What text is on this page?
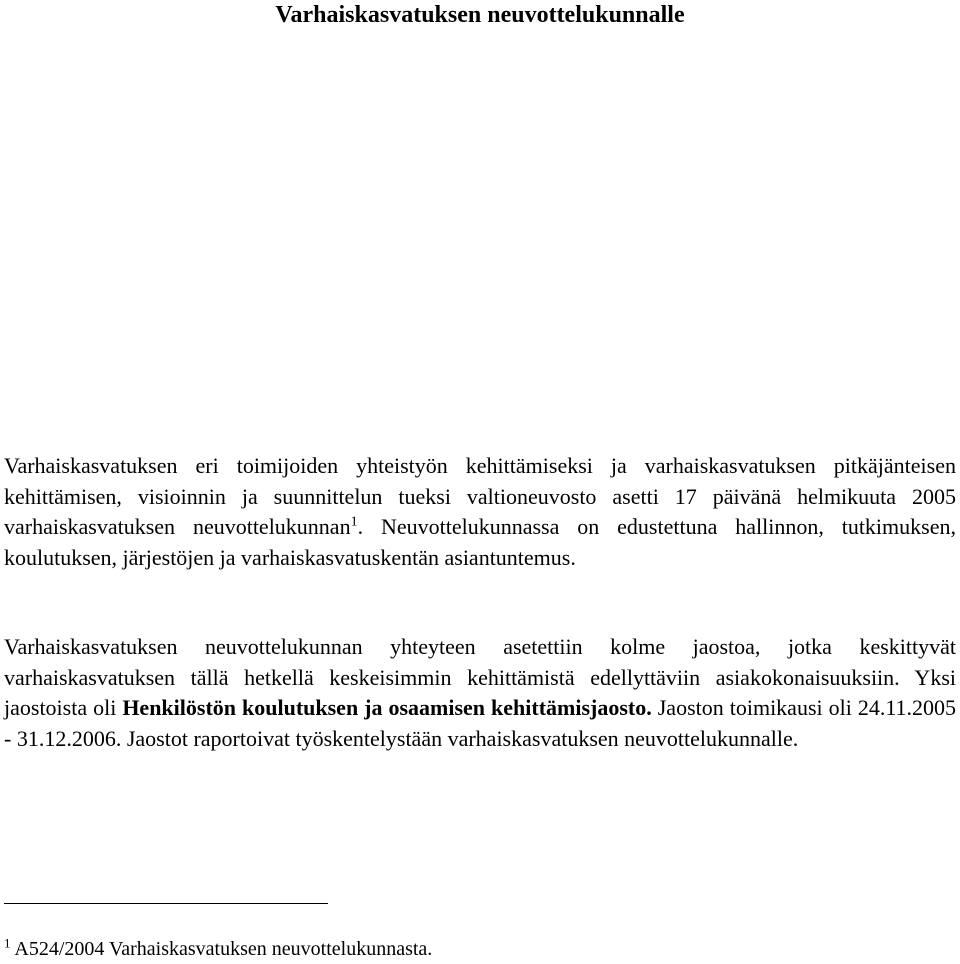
Varhaiskasvatuksen neuvottelukunnalle

Varhaiskasvatuksen eri toimijoiden yhteistyön kehittämiseksi ja varhaiskasvatuksen pitkäjänteisen kehittämisen, visioinnin ja suunnittelun tueksi valtioneuvosto asetti 17 päivänä helmikuuta 2005 varhaiskasvatuksen neuvottelukunnan$^1$. Neuvottelukunnassa on edustettuna hallinnon, tutkimuksen, koulutuksen, järjestöjen ja varhaiskasvatuskentän asiantuntemus.

Varhaiskasvatuksen neuvottelukunnan yhteyteen asetettiin kolme jaostoa, jotka keskittyvät varhaiskasvatuksen tällä hetkellä keskeisimmin kehittämistä edellyttäviin asiakokonaisuuksiin. Yksi jaostoista oli Henkilöstön koulutuksen ja osaamisen kehittämisjaosto. Jaoston toimikausi oli 24.11.2005 - 31.12.2006. Jaostot raportoivat työskentelystään varhaiskasvatuksen neuvottelukunnalle.

$^1$ A524/2004 Varhaiskasvatuksen neuvottelukunnasta.
